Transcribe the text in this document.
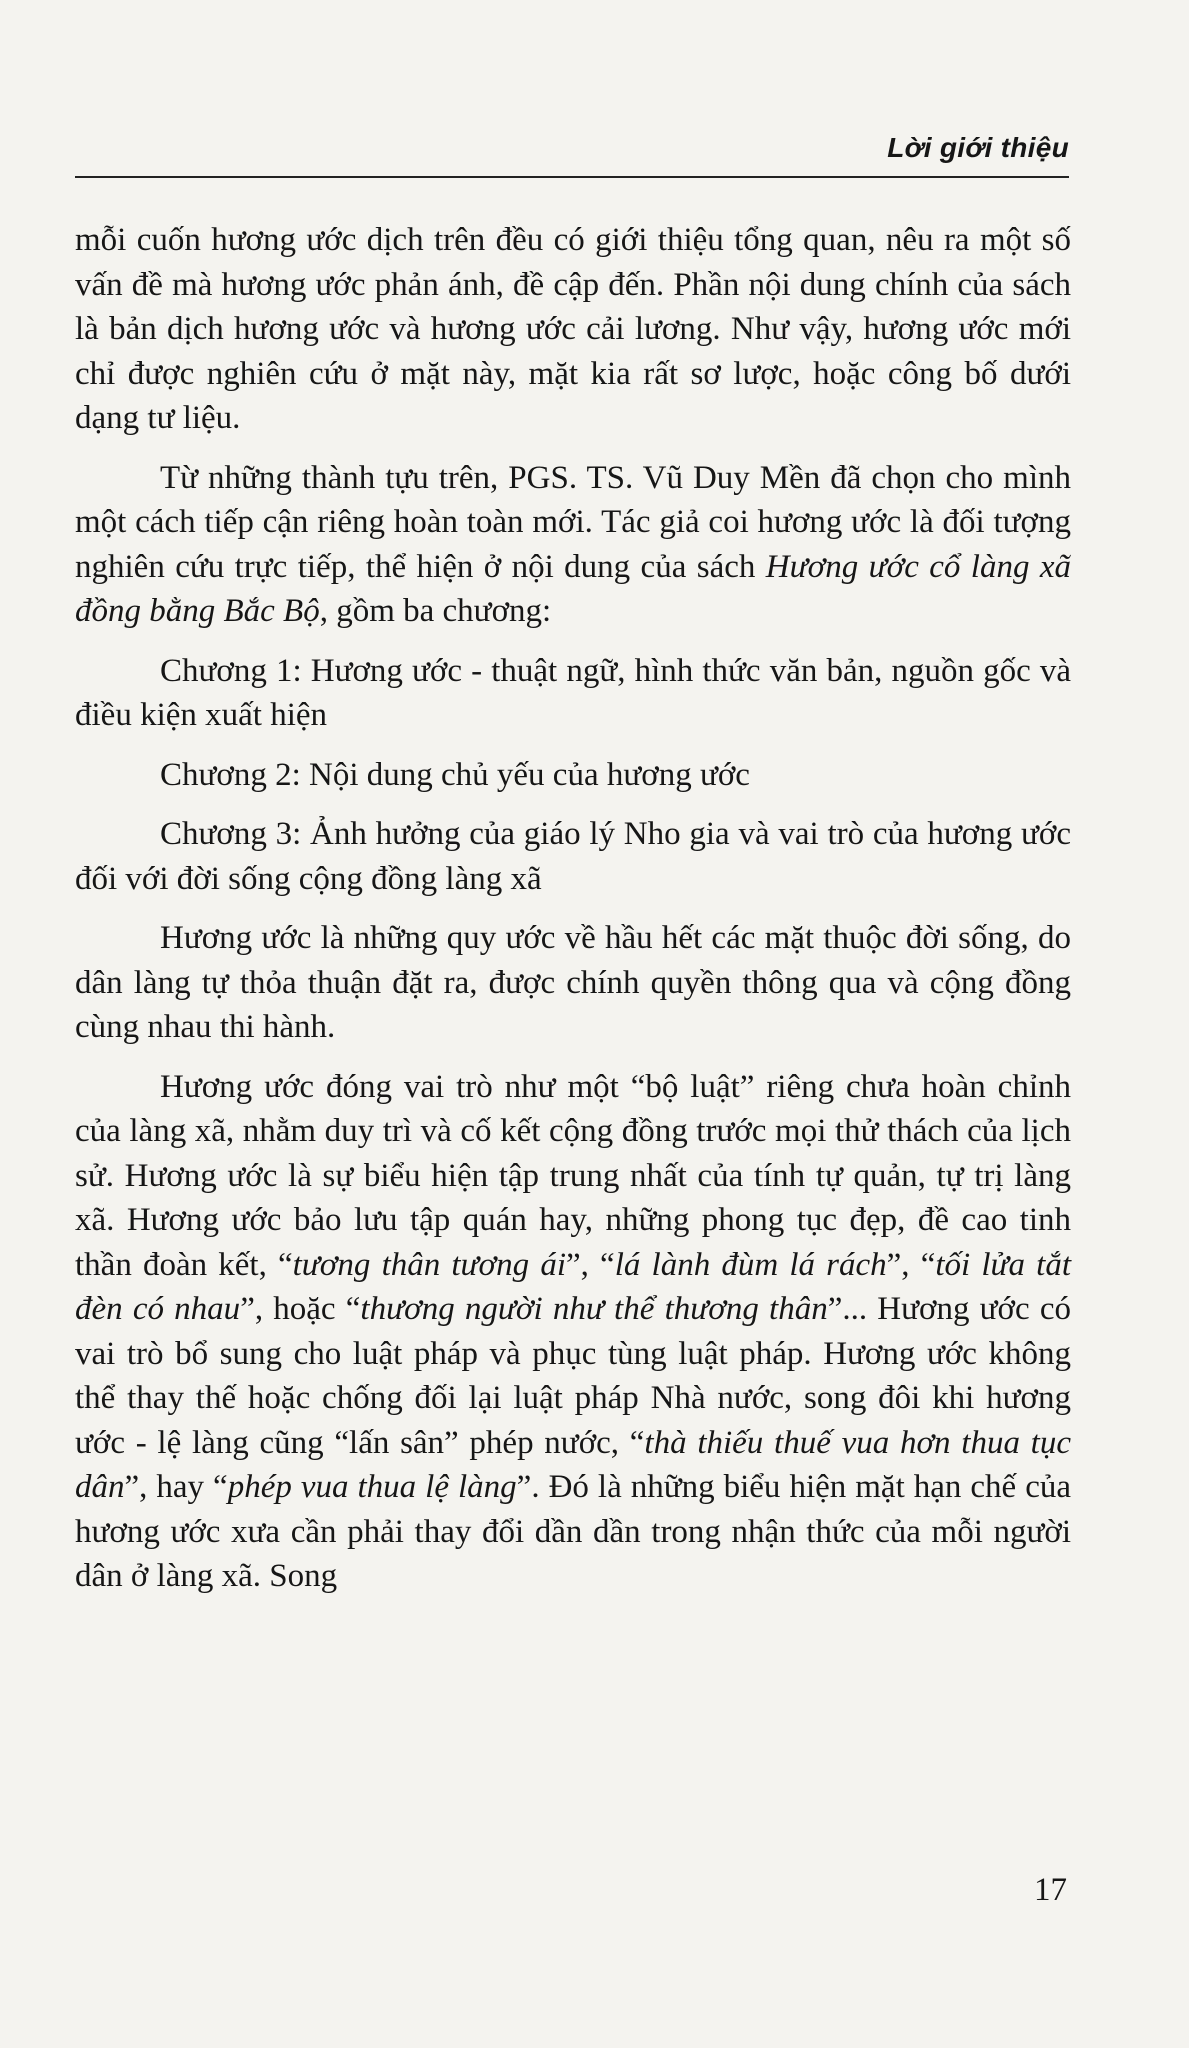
Lời giới thiệu

mỗi cuốn hương ước dịch trên đều có giới thiệu tổng quan, nêu ra một số vấn đề mà hương ước phản ánh, đề cập đến. Phần nội dung chính của sách là bản dịch hương ước và hương ước cải lương. Như vậy, hương ước mới chỉ được nghiên cứu ở mặt này, mặt kia rất sơ lược, hoặc công bố dưới dạng tư liệu.

Từ những thành tựu trên, PGS. TS. Vũ Duy Mền đã chọn cho mình một cách tiếp cận riêng hoàn toàn mới. Tác giả coi hương ước là đối tượng nghiên cứu trực tiếp, thể hiện ở nội dung của sách Hương ước cổ làng xã đồng bằng Bắc Bộ, gồm ba chương:

Chương 1: Hương ước - thuật ngữ, hình thức văn bản, nguồn gốc và điều kiện xuất hiện

Chương 2: Nội dung chủ yếu của hương ước

Chương 3: Ảnh hưởng của giáo lý Nho gia và vai trò của hương ước đối với đời sống cộng đồng làng xã

Hương ước là những quy ước về hầu hết các mặt thuộc đời sống, do dân làng tự thỏa thuận đặt ra, được chính quyền thông qua và cộng đồng cùng nhau thi hành.

Hương ước đóng vai trò như một “bộ luật” riêng chưa hoàn chỉnh của làng xã, nhằm duy trì và cố kết cộng đồng trước mọi thử thách của lịch sử. Hương ước là sự biểu hiện tập trung nhất của tính tự quản, tự trị làng xã. Hương ước bảo lưu tập quán hay, những phong tục đẹp, đề cao tinh thần đoàn kết, “tương thân tương ái”, “lá lành đùm lá rách”, “tối lửa tắt đèn có nhau”, hoặc “thương người như thể thương thân”... Hương ước có vai trò bổ sung cho luật pháp và phục tùng luật pháp. Hương ước không thể thay thế hoặc chống đối lại luật pháp Nhà nước, song đôi khi hương ước - lệ làng cũng “lấn sân” phép nước, “thà thiếu thuế vua hơn thua tục dân”, hay “phép vua thua lệ làng”. Đó là những biểu hiện mặt hạn chế của hương ước xưa cần phải thay đổi dần dần trong nhận thức của mỗi người dân ở làng xã. Song

17
